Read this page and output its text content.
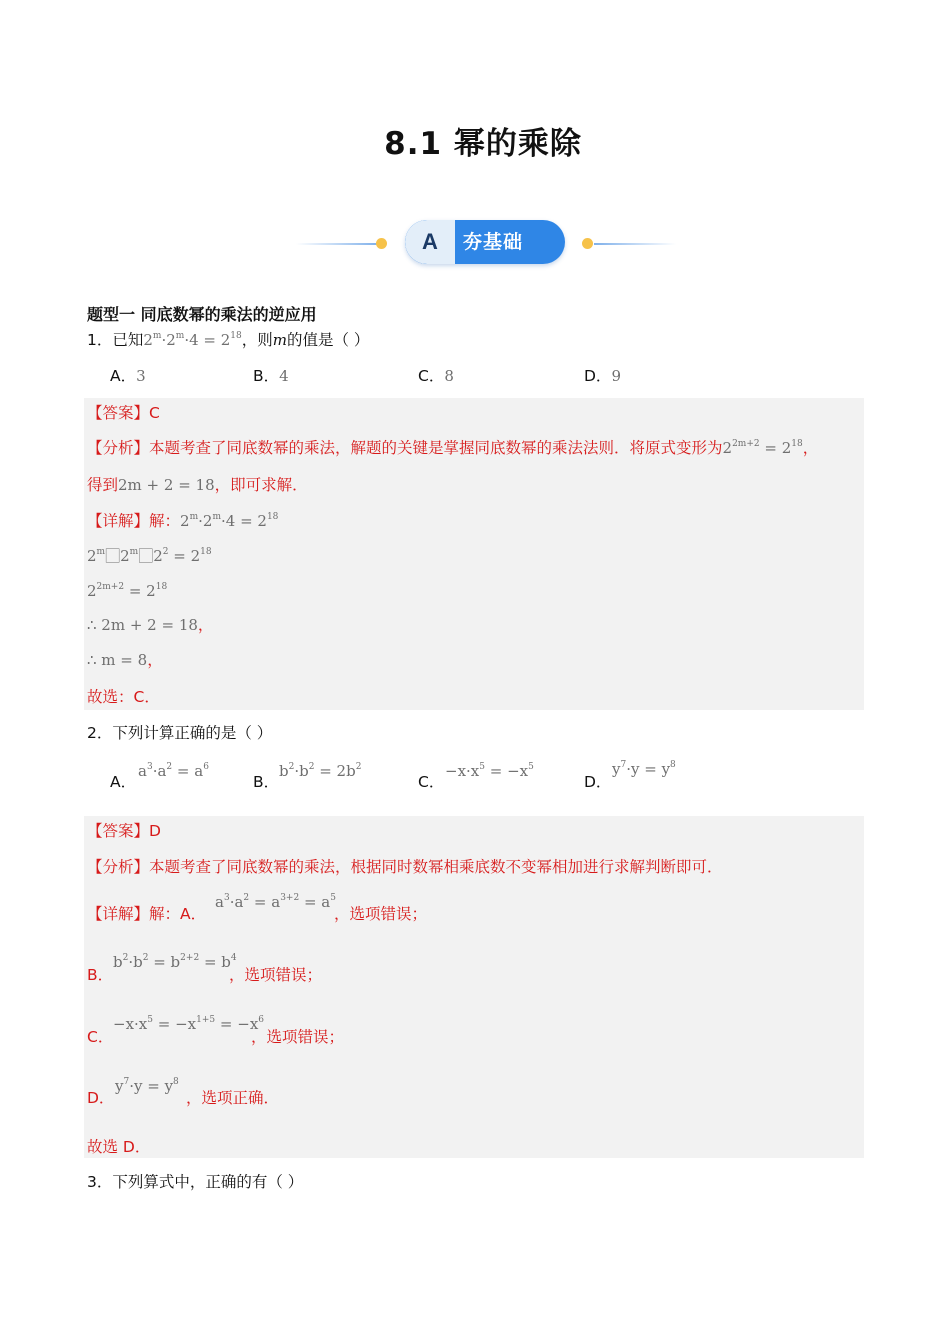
8.1 幂的乘除
A	夯基础
题型一 同底数幂的乘法的逆应用
1．已知$2^m\cdot 2^m\cdot 4 = 2^{18}$，则m的值是（ ）
A．3	B．4	C．8	D．9
【答案】C
【分析】本题考查了同底数幂的乘法，解题的关键是掌握同底数幂的乘法法则．将原式变形为$2^{2m+2} = 2^{18}$，
得到2m + 2 = 18，即可求解．
【详解】解：$2^m\cdot 2^m\cdot 4 = 2^{18}$
$2^m⃞2^m⃞2^2 = 2^{18}$
$2^{2m+2} = 2^{18}$
∴ 2m + 2 = 18，
∴ m = 8，
故选：C．
2．下列计算正确的是（ ）
A．
$a^3\cdot a^2 = a^6$
B．
$b^2\cdot b^2 = 2b^2$
C．
$-x\cdot x^5 = -x^5$
D．
$y^7\cdot y = y^8$
【答案】D
【分析】本题考查了同底数幂的乘法，根据同时数幂相乘底数不变幂相加进行求解判断即可．
【详解】解：A．
$a^3\cdot a^2 = a^{3+2} = a^5$
，选项错误；
B．
$b^2\cdot b^2 = b^{2+2} = b^4$
，选项错误；
C．
$-x\cdot x^5 = -x^{1+5} = -x^6$
，选项错误；
D．
$y^7\cdot y = y^8$
，选项正确．
故选 D．
3．下列算式中，正确的有（ ）
